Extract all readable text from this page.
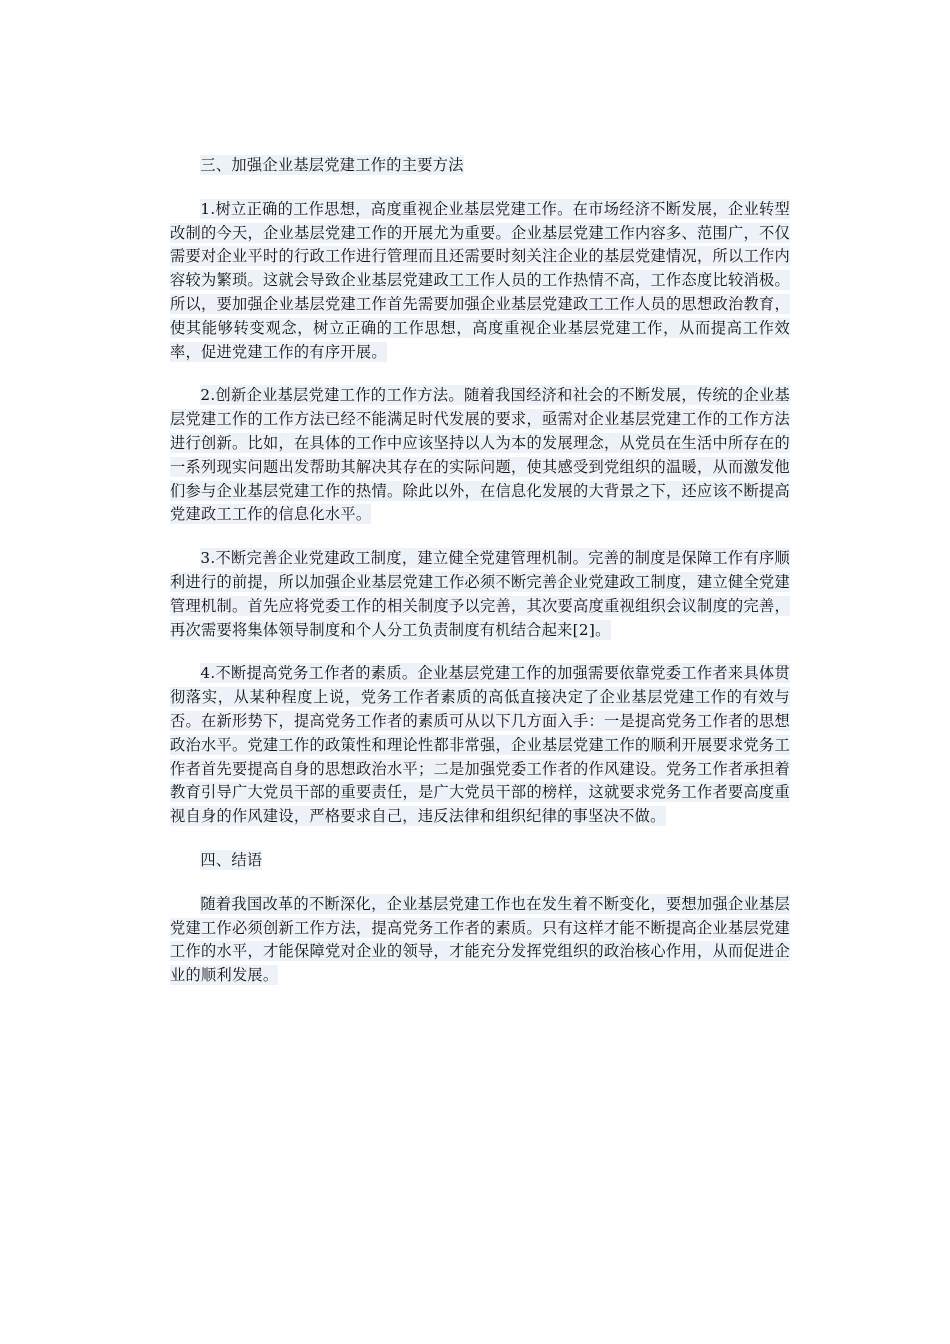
三、加强企业基层党建工作的主要方法

1.树立正确的工作思想，高度重视企业基层党建工作。在市场经济不断发展，企业转型改制的今天，企业基层党建工作的开展尤为重要。企业基层党建工作内容多、范围广，不仅需要对企业平时的行政工作进行管理而且还需要时刻关注企业的基层党建情况，所以工作内容较为繁琐。这就会导致企业基层党建政工工作人员的工作热情不高，工作态度比较消极。所以，要加强企业基层党建工作首先需要加强企业基层党建政工工作人员的思想政治教育，使其能够转变观念，树立正确的工作思想，高度重视企业基层党建工作，从而提高工作效率，促进党建工作的有序开展。

2.创新企业基层党建工作的工作方法。随着我国经济和社会的不断发展，传统的企业基层党建工作的工作方法已经不能满足时代发展的要求，亟需对企业基层党建工作的工作方法进行创新。比如，在具体的工作中应该坚持以人为本的发展理念，从党员在生活中所存在的一系列现实问题出发帮助其解决其存在的实际问题，使其感受到党组织的温暖，从而激发他们参与企业基层党建工作的热情。除此以外，在信息化发展的大背景之下，还应该不断提高党建政工工作的信息化水平。

3.不断完善企业党建政工制度，建立健全党建管理机制。完善的制度是保障工作有序顺利进行的前提，所以加强企业基层党建工作必须不断完善企业党建政工制度，建立健全党建管理机制。首先应将党委工作的相关制度予以完善，其次要高度重视组织会议制度的完善，再次需要将集体领导制度和个人分工负责制度有机结合起来[2]。

4.不断提高党务工作者的素质。企业基层党建工作的加强需要依靠党委工作者来具体贯彻落实，从某种程度上说，党务工作者素质的高低直接决定了企业基层党建工作的有效与否。在新形势下，提高党务工作者的素质可从以下几方面入手：一是提高党务工作者的思想政治水平。党建工作的政策性和理论性都非常强，企业基层党建工作的顺利开展要求党务工作者首先要提高自身的思想政治水平；二是加强党委工作者的作风建设。党务工作者承担着教育引导广大党员干部的重要责任，是广大党员干部的榜样，这就要求党务工作者要高度重视自身的作风建设，严格要求自己，违反法律和组织纪律的事坚决不做。

四、结语

随着我国改革的不断深化，企业基层党建工作也在发生着不断变化，要想加强企业基层党建工作必须创新工作方法，提高党务工作者的素质。只有这样才能不断提高企业基层党建工作的水平，才能保障党对企业的领导，才能充分发挥党组织的政治核心作用，从而促进企业的顺利发展。
